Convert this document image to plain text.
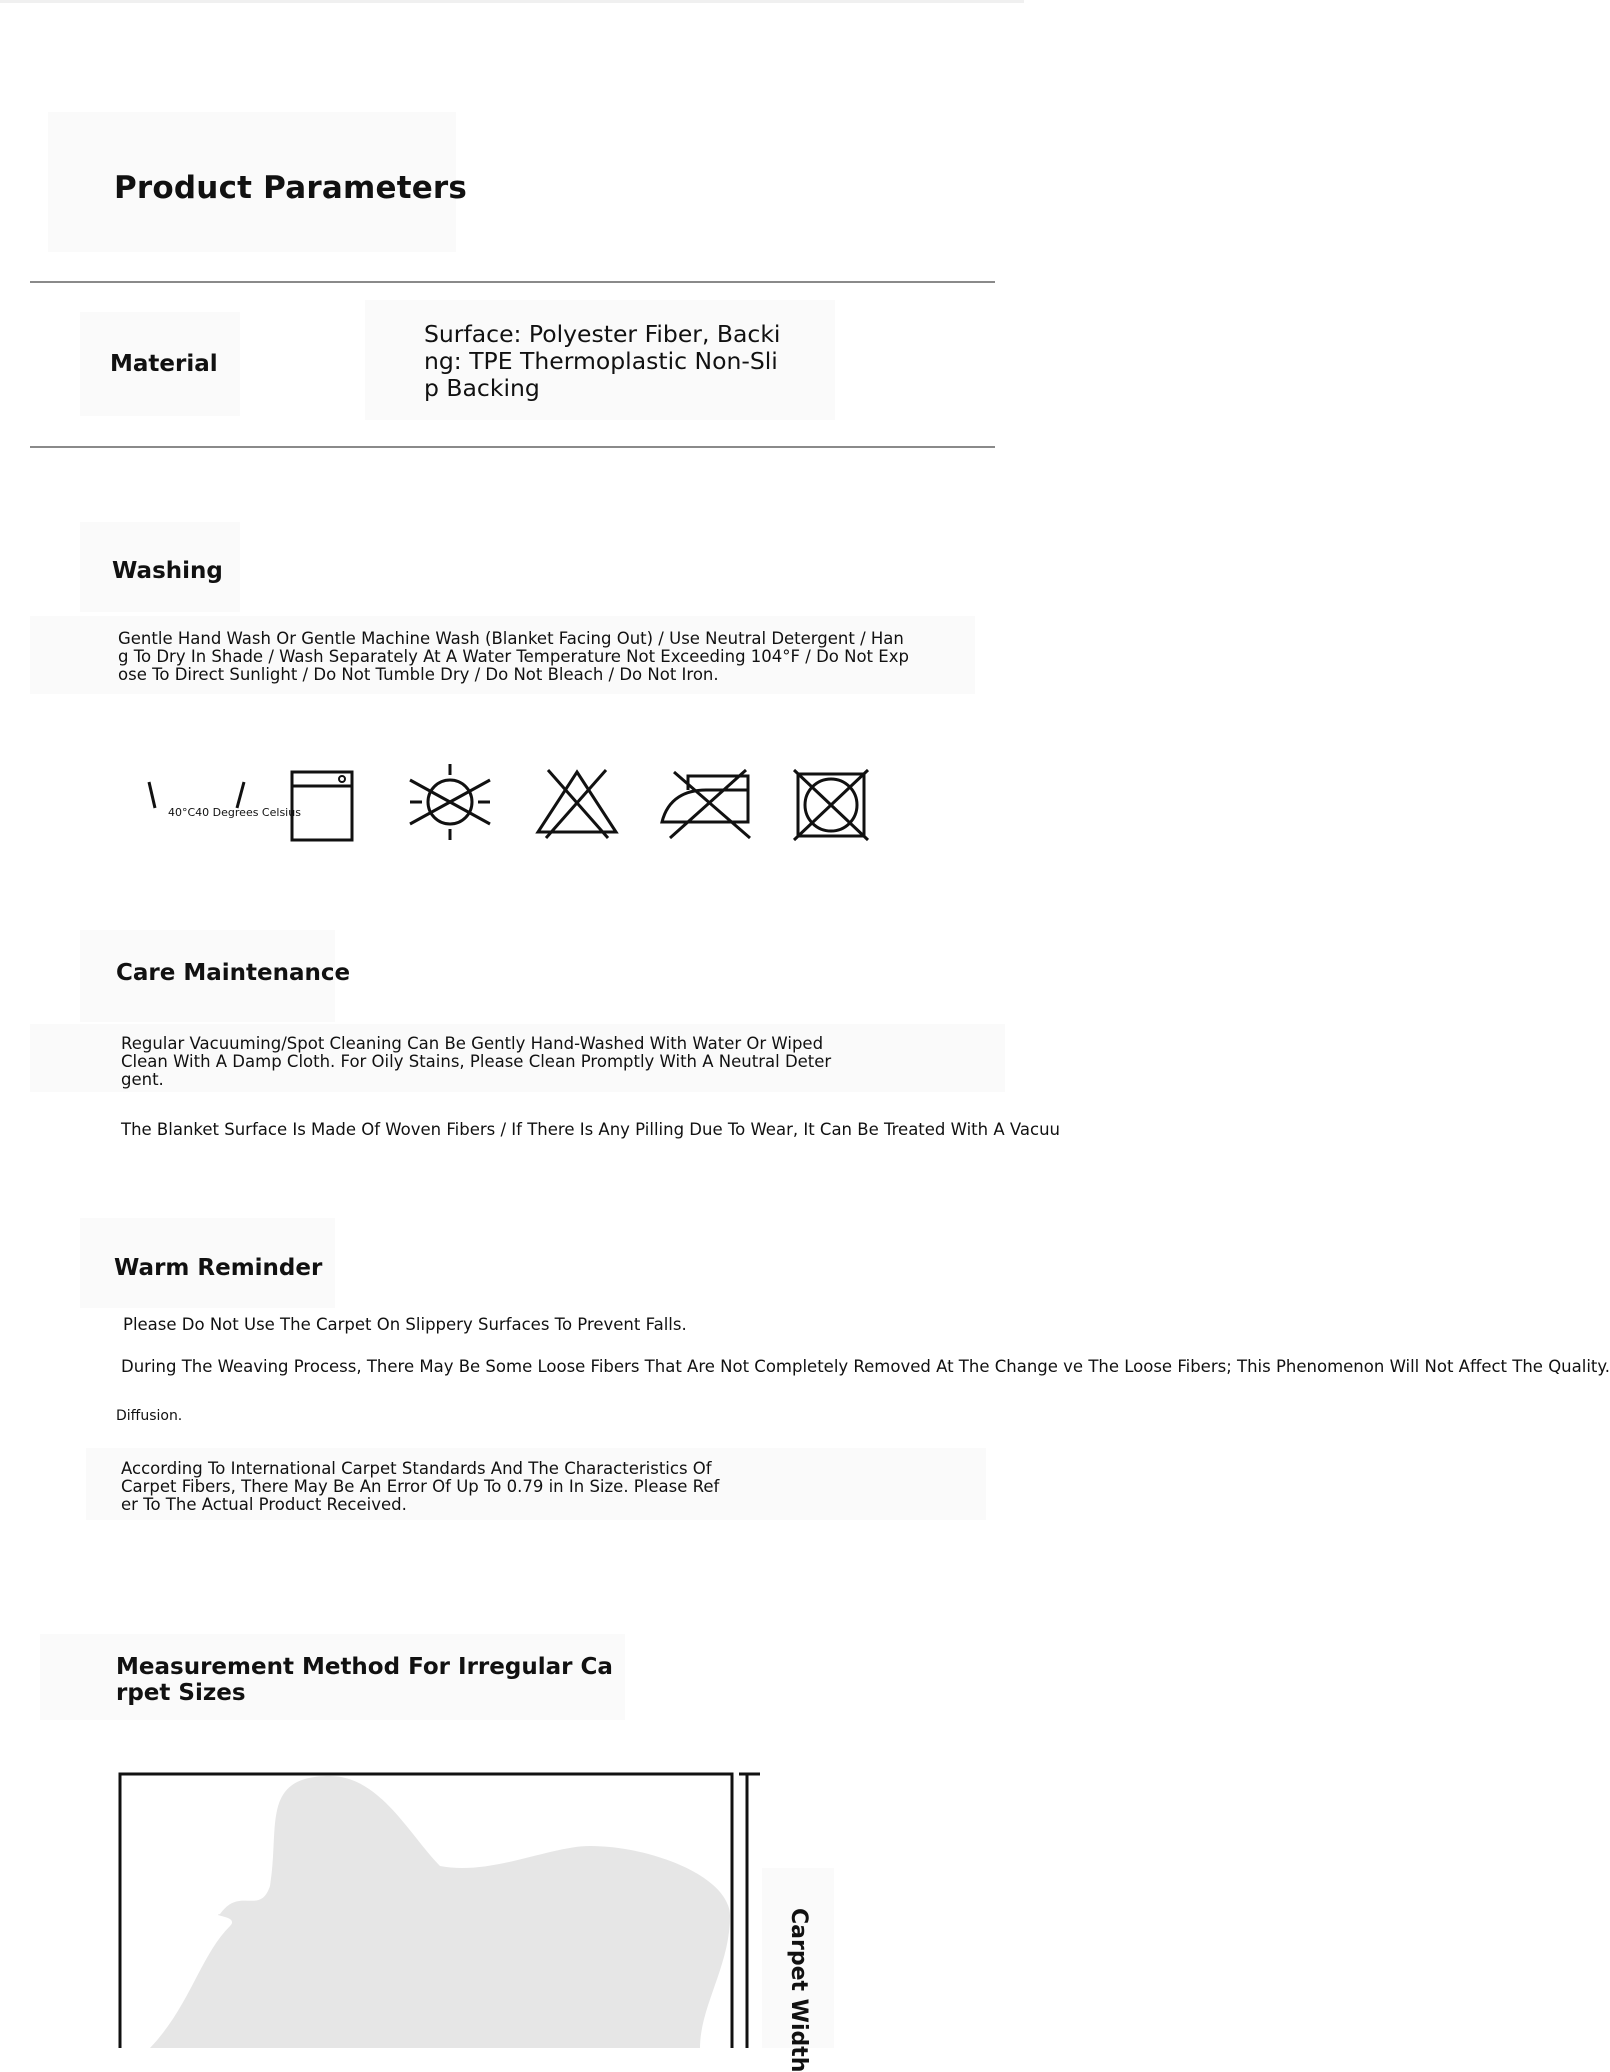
Product Parameters
Material
Surface: Polyester Fiber, Backi
ng: TPE Thermoplastic Non-Sli
p Backing
Washing
Gentle Hand Wash Or Gentle Machine Wash (Blanket Facing Out) / Use Neutral Detergent / Han
g To Dry In Shade / Wash Separately At A Water Temperature Not Exceeding 104°F / Do Not Exp
ose To Direct Sunlight / Do Not Tumble Dry / Do Not Bleach / Do Not Iron.
40°C40 Degrees Celsius
Care Maintenance
Regular Vacuuming/Spot Cleaning Can Be Gently Hand-Washed With Water Or Wiped
Clean With A Damp Cloth. For Oily Stains, Please Clean Promptly With A Neutral Deter
gent.
The Blanket Surface Is Made Of Woven Fibers / If There Is Any Pilling Due To Wear, It Can Be Treated With A Vacuu
Warm Reminder
Please Do Not Use The Carpet On Slippery Surfaces To Prevent Falls.
During The Weaving Process, There May Be Some Loose Fibers That Are Not Completely Removed At The Change ve The Loose Fibers; This Phenomenon Will Not Affect The Quality.
Diffusion.
According To International Carpet Standards And The Characteristics Of
Carpet Fibers, There May Be An Error Of Up To 0.79 in In Size. Please Ref
er To The Actual Product Received.
Measurement Method For Irregular Ca
rpet Sizes
Carpet Width
